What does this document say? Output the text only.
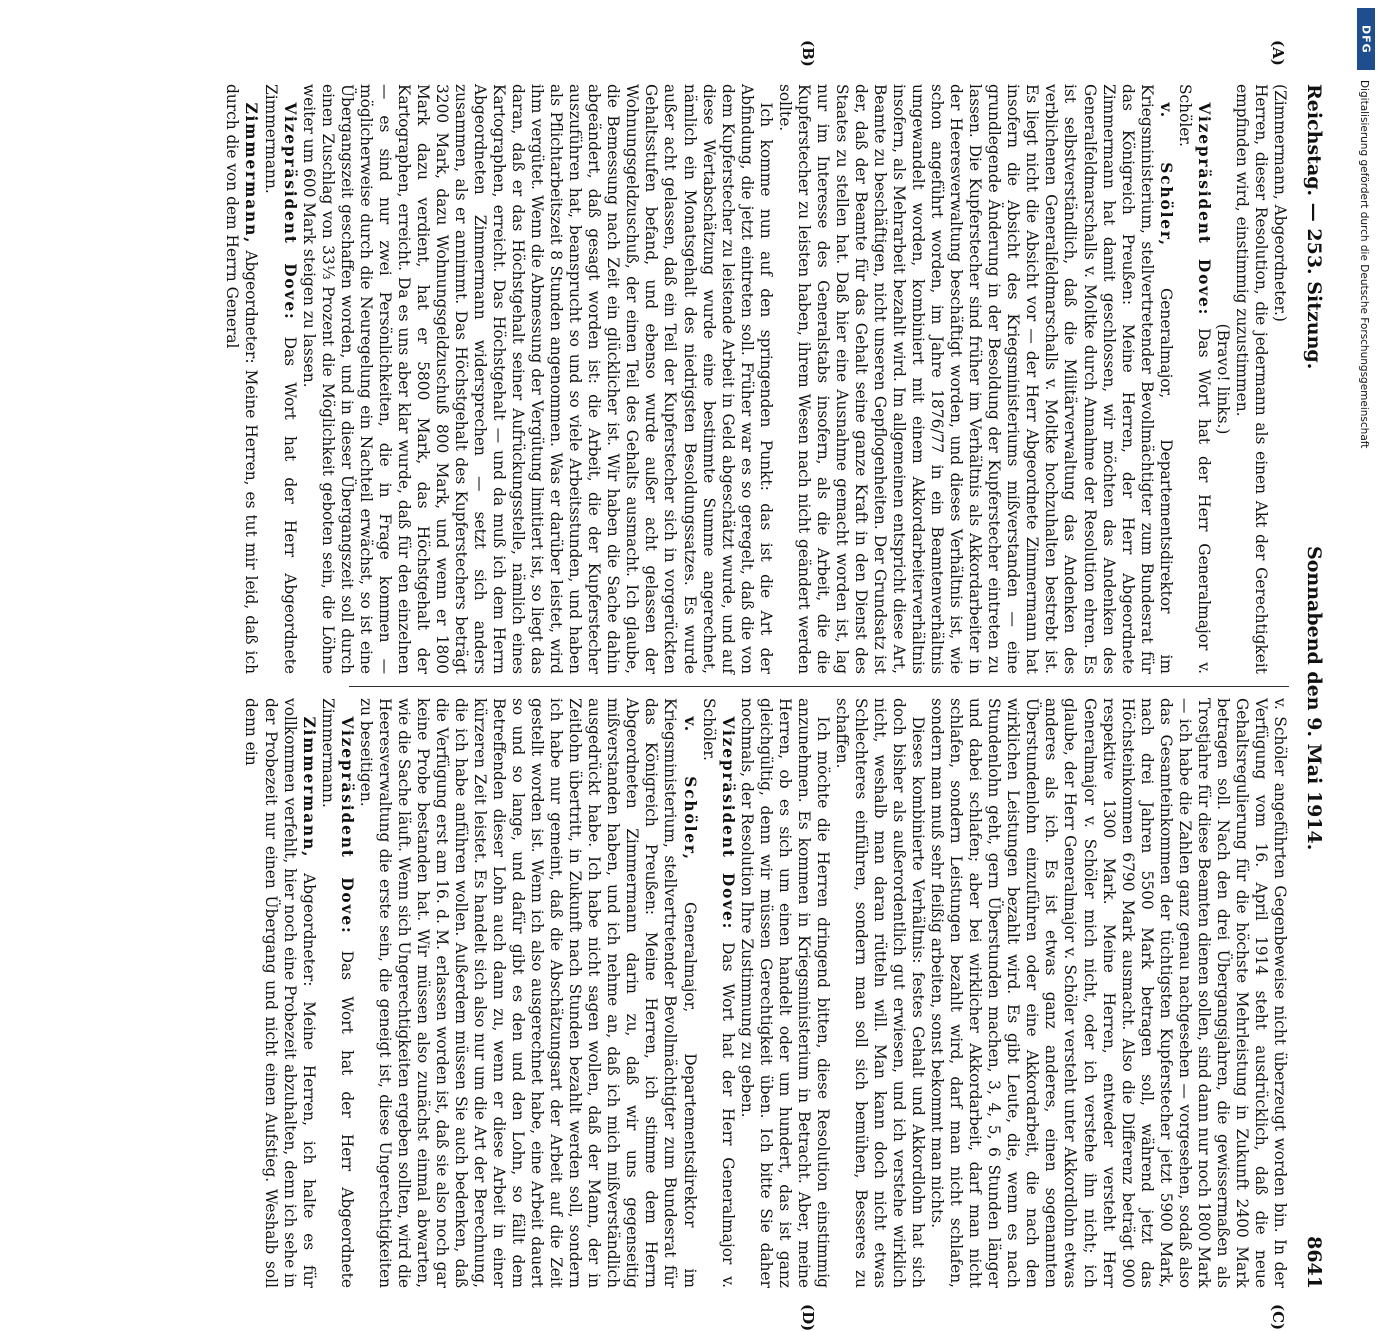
Reichstag. — 253. Sitzung.
Sonnabend den 9. Mai 1914.
8641
(A)
(B)
(C)
(D)

(Zimmermann, Abgeordneter.)

Herren, dieser Resolution, die jedermann als einen Akt der Gerechtigkeit empfinden wird, einstimmig zuzustimmen.

(Bravo! links.)

Vizepräsident Dove: Das Wort hat der Herr Generalmajor v. Schöler.

v. Schöler, Generalmajor, Departementsdirektor im Kriegsministerium, stellvertretender Bevollmächtigter zum Bundesrat für das Königreich Preußen: Meine Herren, der Herr Abgeordnete Zimmermann hat damit geschlossen, wir möchten das Andenken des Generalfeldmarschalls v. Moltke durch Annahme der Resolution ehren. Es ist selbstverständlich, daß die Militärverwaltung das Andenken des verblichenen Generalfeldmarschalls v. Moltke hochzuhalten bestrebt ist. Es liegt nicht die Absicht vor — der Herr Abgeordnete Zimmermann hat insofern die Absicht des Kriegsministeriums mißverstanden — eine grundlegende Änderung in der Besoldung der Kupferstecher eintreten zu lassen. Die Kupferstecher sind früher im Verhältnis als Akkordarbeiter in der Heeresverwaltung beschäftigt worden, und dieses Verhältnis ist, wie schon angeführt worden, im Jahre 1876/77 in ein Beamtenverhältnis umgewandelt worden, kombiniert mit einem Akkordarbeiterverhältnis insofern, als Mehrarbeit bezahlt wird. Im allgemeinen entspricht diese Art, Beamte zu beschäftigen, nicht unseren Gepflogenheiten. Der Grundsatz ist der, daß der Beamte für das Gehalt seine ganze Kraft in den Dienst des Staates zu stellen hat. Daß hier eine Ausnahme gemacht worden ist, lag nur im Interesse des Generalstabs insofern, als die Arbeit, die die Kupferstecher zu leisten haben, ihrem Wesen nach nicht geändert werden sollte.

Ich komme nun auf den springenden Punkt: das ist die Art der Abfindung, die jetzt eintreten soll. Früher war es so geregelt, daß die von dem Kupferstecher zu leistende Arbeit in Geld abgeschätzt wurde, und auf diese Wertabschätzung wurde eine bestimmte Summe angerechnet, nämlich ein Monatsgehalt des niedrigsten Besoldungssatzes. Es wurde außer acht gelassen, daß ein Teil der Kupferstecher sich in vorgerückten Gehaltsstufen befand, und ebenso wurde außer acht gelassen der Wohnungsgeldzuschuß, der einen Teil des Gehalts ausmacht. Ich glaube, die Bemessung nach Zeit ein glücklicher ist. Wir haben die Sache dahin abgeändert, daß gesagt worden ist: die Arbeit, die der Kupferstecher auszuführen hat, beansprucht so und so viele Arbeitsstunden, und haben als Pflichtarbeitszeit 8 Stunden angenommen. Was er darüber leistet, wird ihm vergütet. Wenn die Abmessung der Vergütung limitiert ist, so liegt das daran, daß er das Höchstgehalt seiner Aufrückungsstelle, nämlich eines Kartographen, erreicht. Das Höchstgehalt — und da muß ich dem Herrn Abgeordneten Zimmermann widersprechen — setzt sich anders zusammen, als er annimmt. Das Höchstgehalt des Kupferstechers beträgt 3200 Mark, dazu Wohnungsgeldzuschuß 800 Mark, und wenn er 1800 Mark dazu verdient, hat er 5800 Mark, das Höchstgehalt der Kartographen, erreicht. Da es uns aber klar wurde, daß für den einzelnen — es sind nur zwei Persönlichkeiten, die in Frage kommen — möglicherweise durch die Neuregelung ein Nachteil erwächst, so ist eine Übergangszeit geschaffen worden, und in dieser Übergangszeit soll durch einen Zuschlag von 33⅓ Prozent die Möglichkeit geboten sein, die Löhne weiter um 600 Mark steigen zu lassen.

Vizepräsident Dove: Das Wort hat der Herr Abgeordnete Zimmermann.

Zimmermann, Abgeordneter: Meine Herren, es tut mir leid, daß ich durch die von dem Herrn General

v. Schöler angeführten Gegenbeweise nicht überzeugt worden bin. In der Verfügung vom 16. April 1914 steht ausdrücklich, daß die neue Gehaltsregulierung für die höchste Mehrleistung in Zukunft 2400 Mark betragen soll. Nach den drei Übergangsjahren, die gewissermaßen als Trostjahre für diese Beamten dienen sollen, sind dann nur noch 1800 Mark — ich habe die Zahlen ganz genau nachgesehen — vorgesehen, sodaß also das Gesamteinkommen der tüchtigsten Kupferstecher jetzt 5900 Mark, nach drei Jahren 5500 Mark betragen soll, während jetzt das Höchsteinkommen 6790 Mark ausmacht. Also die Differenz beträgt 900 respektive 1300 Mark. Meine Herren, entweder versteht Herr Generalmajor v. Schöler mich nicht, oder ich verstehe ihn nicht; ich glaube, der Herr Generalmajor v. Schöler versteht unter Akkordlohn etwas anderes als ich. Es ist etwas ganz anderes, einen sogenannten Überstundenlohn einzuführen oder eine Akkordarbeit, die nach den wirklichen Leistungen bezahlt wird. Es gibt Leute, die, wenn es nach Stundenlohn geht, gern Überstunden machen, 3, 4, 5, 6 Stunden länger und dabei schlafen; aber bei wirklicher Akkordarbeit, darf man nicht schlafen, sondern Leistungen bezahlt wird, darf man nicht schlafen, sondern man muß sehr fleißig arbeiten, sonst bekommt man nichts.

Dieses kombinierte Verhältnis: festes Gehalt und Akkordlohn hat sich doch bisher als außerordentlich gut erwiesen, und ich verstehe wirklich nicht, weshalb man daran rütteln will. Man kann doch nicht etwas Schlechteres einführen, sondern man soll sich bemühen, Besseres zu schaffen.

Ich möchte die Herren dringend bitten, diese Resolution einstimmig anzunehmen. Es kommen in Kriegsministerium in Betracht. Aber, meine Herren, ob es sich um einen handelt oder um hundert, das ist ganz gleichgültig, denn wir müssen Gerechtigkeit üben. Ich bitte Sie daher nochmals, der Resolution Ihre Zustimmung zu geben.

Vizepräsident Dove: Das Wort hat der Herr Generalmajor v. Schöler.

v. Schöler, Generalmajor, Departementsdirektor im Kriegsministerium, stellvertretender Bevollmächtigter zum Bundesrat für das Königreich Preußen: Meine Herren, ich stimme dem Herrn Abgeordneten Zimmermann darin zu, daß wir uns gegenseitig mißverstanden haben, und ich nehme an, daß ich mich mißverständlich ausgedrückt habe. Ich habe nicht sagen wollen, daß der Mann, der in Zeitlohn übertritt, in Zukunft nach Stunden bezahlt werden soll, sondern ich habe nur gemeint, daß die Abschätzungsart der Arbeit auf die Zeit gestellt worden ist. Wenn ich also ausgerechnet habe, eine Arbeit dauert so und so lange, und dafür gibt es den und den Lohn, so fällt dem Betreffenden dieser Lohn auch dann zu, wenn er diese Arbeit in einer kürzeren Zeit leistet. Es handelt sich also nur um die Art der Berechnung, die ich habe anführen wollen. Außerdem müssen Sie auch bedenken, daß die Verfügung erst am 16. d. M. erlassen worden ist, daß sie also noch gar keine Probe bestanden hat. Wir müssen also zunächst einmal abwarten, wie die Sache läuft. Wenn sich Ungerechtigkeiten ergeben sollten, wird die Heeresverwaltung die erste sein, die geneigt ist, diese Ungerechtigkeiten zu beseitigen.

Vizepräsident Dove: Das Wort hat der Herr Abgeordnete Zimmermann.

Zimmermann, Abgeordneter: Meine Herren, ich halte es für vollkommen verfehlt, hier noch eine Probezeit abzuhalten, denn ich sehe in der Probezeit nur einen Übergang und nicht einen Aufstieg. Weshalb soll denn ein

DFG
Digitalisierung gefördert durch die Deutsche Forschungsgemeinschaft
